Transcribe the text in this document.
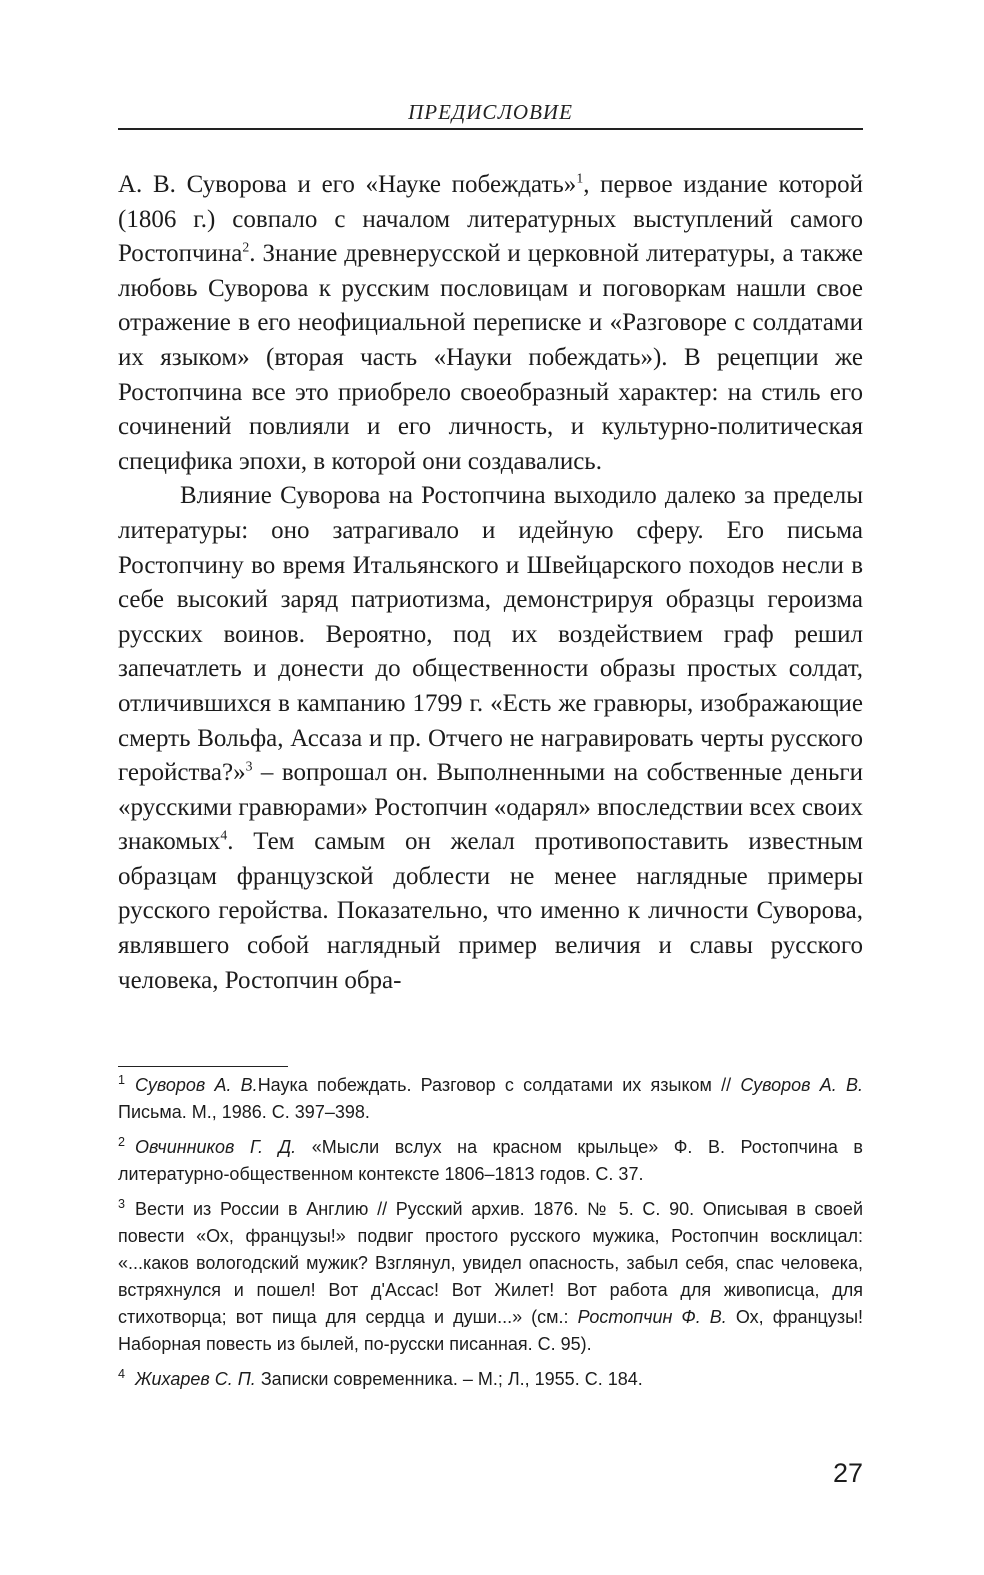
ПРЕДИСЛОВИЕ

А. В. Суворова и его «Науке побеждать»$^1$, первое издание которой (1806 г.) совпало с началом литературных выступлений самого Ростопчина$^2$. Знание древнерусской и церковной литературы, а также любовь Суворова к русским пословицам и поговоркам нашли свое отражение в его неофициальной переписке и «Разговоре с солдатами их языком» (вторая часть «Науки побеждать»). В рецепции же Ростопчина все это приобрело своеобразный характер: на стиль его сочинений повлияли и его личность, и культурно-политическая специфика эпохи, в которой они создавались.

Влияние Суворова на Ростопчина выходило далеко за пределы литературы: оно затрагивало и идейную сферу. Его письма Ростопчину во время Итальянского и Швейцарского походов несли в себе высокий заряд патриотизма, демонстрируя образцы героизма русских воинов. Вероятно, под их воздействием граф решил запечатлеть и донести до общественности образы простых солдат, отличившихся в кампанию 1799 г. «Есть же гравюры, изображающие смерть Вольфа, Ассаза и пр. Отчего не награвировать черты русского геройства?»$^3$ – вопрошал он. Выполненными на собственные деньги «русскими гравюрами» Ростопчин «одарял» впоследствии всех своих знакомых$^4$. Тем самым он желал противопоставить известным образцам французской доблести не менее наглядные примеры русского геройства. Показательно, что именно к личности Суворова, являвшего собой наглядный пример величия и славы русского человека, Ростопчин обра-

$^1$ Суворов А. В.Наука побеждать. Разговор с солдатами их языком // Суворов А. В. Письма. М., 1986. С. 397–398.

$^2$ Овчинников Г. Д. «Мысли вслух на красном крыльце» Ф. В. Ростопчина в литературно-общественном контексте 1806–1813 годов. С. 37.

$^3$ Вести из России в Англию // Русский архив. 1876. № 5. С. 90. Описывая в своей повести «Ох, французы!» подвиг простого русского мужика, Ростопчин восклицал: «...каков вологодский мужик? Взглянул, увидел опасность, забыл себя, спас человека, встряхнулся и пошел! Вот д'Ассас! Вот Жилет! Вот работа для живописца, для стихотворца; вот пища для сердца и души...» (см.: Ростопчин Ф. В. Ох, французы! Наборная повесть из былей, по-русски писанная. С. 95).

$^4$ Жихарев С. П. Записки современника. – М.; Л., 1955. С. 184.

27
